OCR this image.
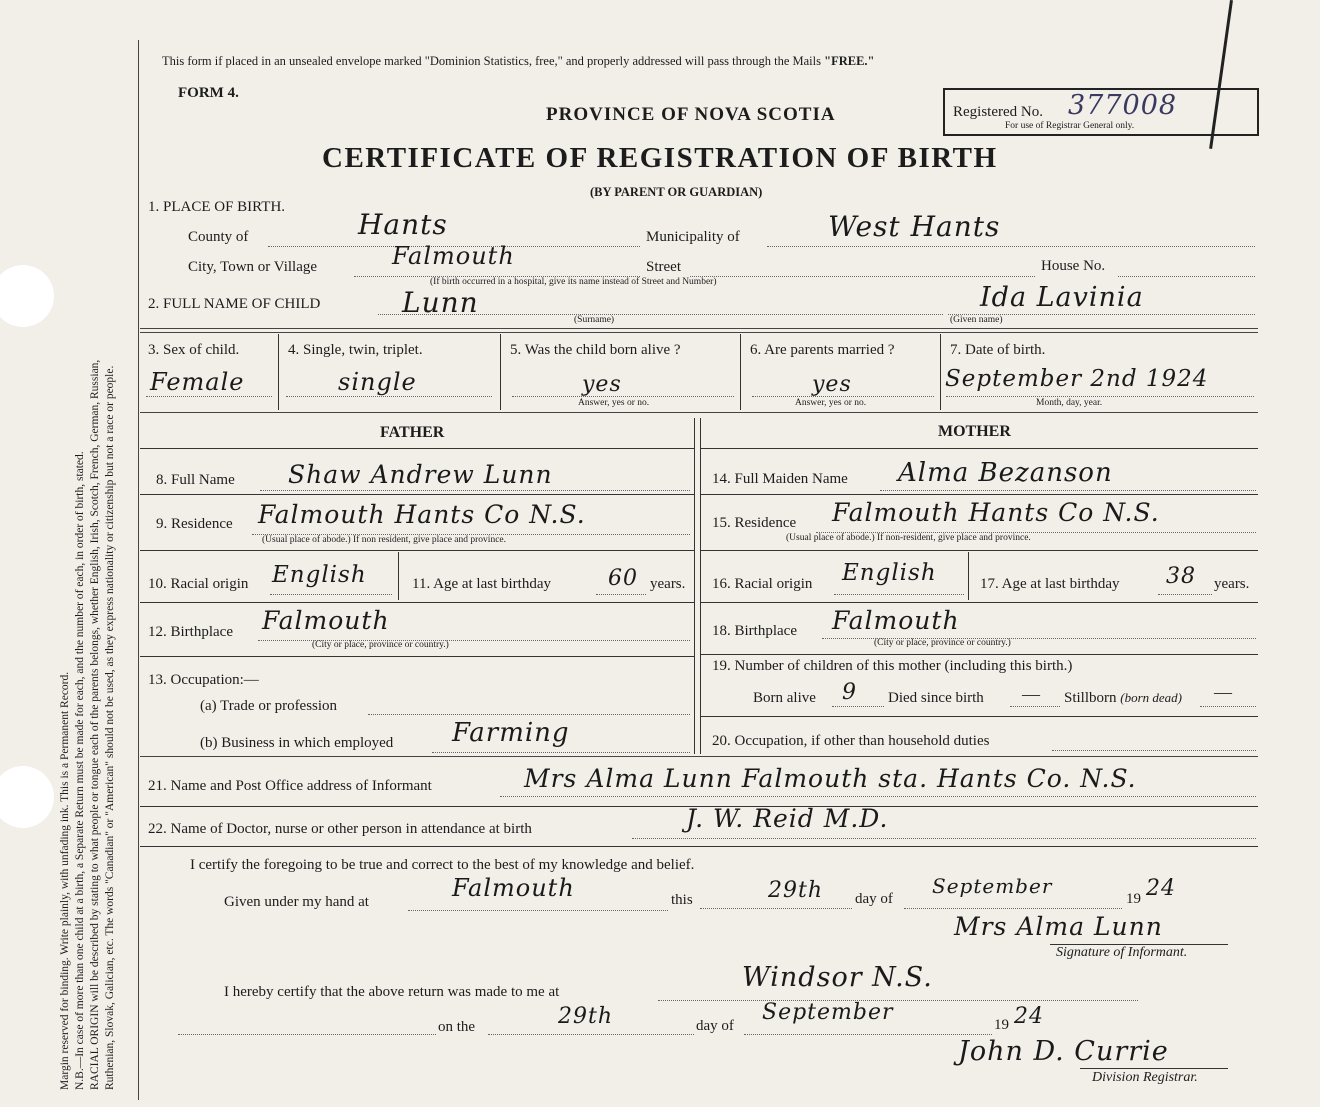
Margin reserved for binding. Write plainly, with unfading ink. This is a Permanent Record. N.B.—In case of more than one child at a birth, a Separate Return must be made for each, and the number of each, in order of birth, stated. RACIAL ORIGIN will be described by stating to what people or tongue each of the parents belongs, whether English, Irish, Scotch, French, German, Russian, Ruthenian, Slovak, Galician, etc. The words "Canadian" or "American" should not be used, as they express nationality or citizenship but not a race or people.
This form if placed in an unsealed envelope marked "Dominion Statistics, free," and properly addressed will pass through the Mails "FREE."
FORM 4.
PROVINCE OF NOVA SCOTIA
CERTIFICATE OF REGISTRATION OF BIRTH
(BY PARENT OR GUARDIAN)
Registered No. 377008
For use of Registrar General only.
1. PLACE OF BIRTH.
County of	Hants	Municipality of	West Hants
City, Town or Village	Falmouth	Street	House No.
(If birth occurred in a hospital, give its name instead of Street and Number)
2. FULL NAME OF CHILD	Lunn
(Surname)
Ida Lavinia
(Given name)
3. Sex of child.
Female
4. Single, twin, triplet.
single
5. Was the child born alive ?
yes
Answer, yes or no.
6. Are parents married ?
yes
Answer, yes or no.
7. Date of birth.
September 2nd 1924
Month, day, year.
FATHER	MOTHER
8. Full Name Shaw Andrew Lunn
9. Residence Falmouth Hants Co N.S.
(Usual place of abode.) If non resident, give place and province.
10. Racial origin English	11. Age at last birthday	60 years.
12. Birthplace Falmouth
(City or place, province or country.)
13. Occupation:—
(a) Trade or profession
(b) Business in which employed Farming
14. Full Maiden Name Alma Bezanson
15. Residence Falmouth Hants Co N.S.
(Usual place of abode.) If non-resident, give place and province.
16. Racial origin English	17. Age at last birthday 38 years.
18. Birthplace Falmouth
(City or place, province or country.)
19. Number of children of this mother (including this birth.)
Born alive 9 Died since birth — Stillborn (born dead) —
20. Occupation, if other than household duties
21. Name and Post Office address of Informant	Mrs Alma Lunn Falmouth sta. Hants Co. N.S.
22. Name of Doctor, nurse or other person in attendance at birth	J. W. Reid M.D.
I certify the foregoing to be true and correct to the best of my knowledge and belief.
Given under my hand at	Falmouth	this	29th day of
September
19 24
Mrs Alma Lunn
Signature of Informant.
I hereby certify that the above return was made to me at	Windsor N.S.
on the	29th	day of
September	19 24
John D. Currie
Division Registrar.
